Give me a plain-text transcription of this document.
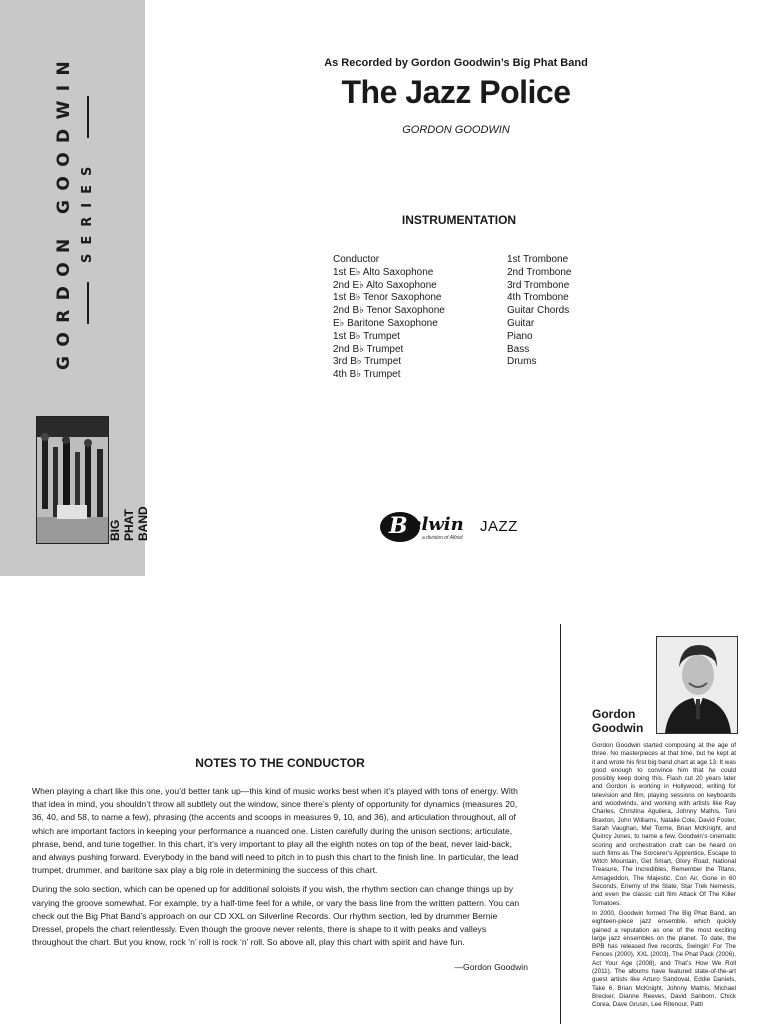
GORDON GOODWIN SERIES
BIG PHAT BAND
As Recorded by Gordon Goodwin’s Big Phat Band
The Jazz Police
GORDON GOODWIN
INSTRUMENTATION
Conductor
1st E♭ Alto Saxophone
2nd E♭ Alto Saxophone
1st B♭ Tenor Saxophone
2nd B♭ Tenor Saxophone
E♭ Baritone Saxophone
1st B♭ Trumpet
2nd B♭ Trumpet
3rd B♭ Trumpet
4th B♭ Trumpet
1st Trombone
2nd Trombone
3rd Trombone
4th Trombone
Guitar Chords
Guitar
Piano
Bass
Drums
B elwin JAZZ
a division of Alfred
NOTES TO THE CONDUCTOR

When playing a chart like this one, you’d better tank up—this kind of music works best when it’s played with tons of energy. With that idea in mind, you shouldn’t throw all subtlety out the window, since there’s plenty of opportunity for dynamics (measures 20, 36, 40, and 58, to name a few), phrasing (the accents and scoops in measures 9, 10, and 36), and articulation throughout, all of which are important factors in keeping your performance a nuanced one. Listen carefully during the unison sections; articulate, phrase, bend, and tune together. In this chart, it’s very important to play all the eighth notes on top of the beat, never laid-back, and always pushing forward. Everybody in the band will need to pitch in to push this chart to the finish line. In particular, the lead trumpet, drummer, and baritone sax play a big role in determining the success of this chart.

During the solo section, which can be opened up for additional soloists if you wish, the rhythm section can change things up by varying the groove somewhat. For example, try a half-time feel for a while, or vary the bass line from the written pattern. You can check out the Big Phat Band’s approach on our CD XXL on Silverline Records. Our rhythm section, led by drummer Bernie Dressel, propels the chart relentlessly. Even though the groove never relents, there is shape to it with peaks and valleys throughout the chart. But you know, rock ‘n’ roll is rock ‘n’ roll. So above all, play this chart with spirit and have fun.

—Gordon Goodwin
Gordon
Goodwin

Gordon Goodwin started composing at the age of three. No masterpieces at that time, but he kept at it and wrote his first big band chart at age 13. It was good enough to convince him that he could possibly keep doing this. Flash cut 20 years later and Gordon is working in Hollywood, writing for television and film, playing sessions on keyboards and woodwinds, and working with artists like Ray Charles, Christina Aguilera, Johnny Mathis, Toni Braxton, John Williams, Natalie Cole, David Foster, Sarah Vaughan, Mel Torme, Brian McKnight, and Quincy Jones, to name a few. Goodwin’s cinematic scoring and orchestration craft can be heard on such films as The Sorcerer’s Apprentice, Escape to Witch Mountain, Get Smart, Glory Road, National Treasure, The Incredibles, Remember the Titans, Armageddon, The Majestic, Con Air, Gone in 60 Seconds, Enemy of the State, Star Trek Nemesis, and even the classic cult film Attack Of The Killer Tomatoes.

In 2000, Goodwin formed The Big Phat Band, an eighteen-piece jazz ensemble, which quickly gained a reputation as one of the most exciting large jazz ensembles on the planet. To date, the BPB has released five records, Swingin’ For The Fences (2000), XXL (2003), The Phat Pack (2006), Act Your Age (2008), and That’s How We Roll (2011). The albums have featured state-of-the-art guest artists like Arturo Sandoval, Eddie Daniels, Take 6, Brian McKnight, Johnny Mathis, Michael Brecker, Dianne Reeves, David Sanborn, Chick Corea, Dave Grusin, Lee Ritenour, Patti
